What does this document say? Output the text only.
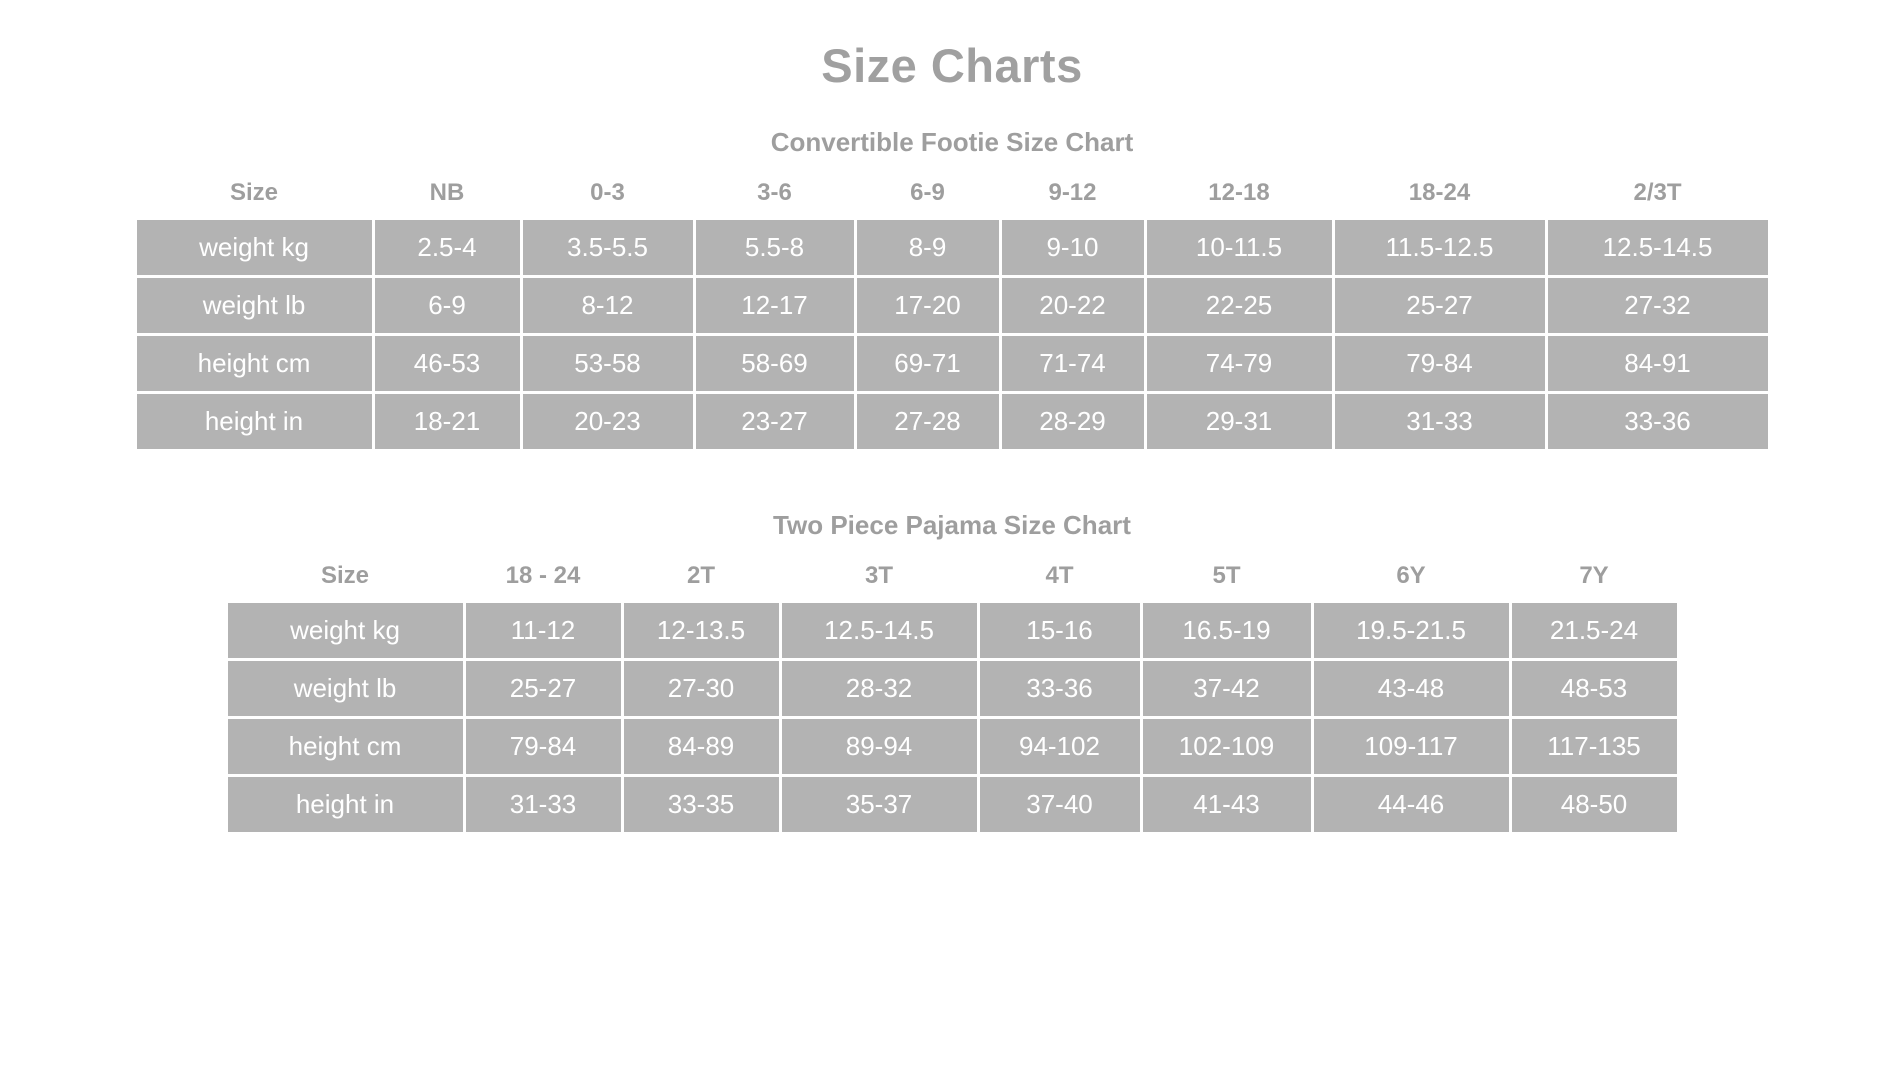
Size Charts
Convertible Footie Size Chart
Size	NB	0-3	3-6	6-9	9-12	12-18	18-24	2/3T
weight kg	2.5-4	3.5-5.5	5.5-8	8-9	9-10	10-11.5	11.5-12.5	12.5-14.5
weight lb	6-9	8-12	12-17	17-20	20-22	22-25	25-27	27-32
height cm	46-53	53-58	58-69	69-71	71-74	74-79	79-84	84-91
height in	18-21	20-23	23-27	27-28	28-29	29-31	31-33	33-36
Two Piece Pajama Size Chart
Size	18 - 24	2T	3T	4T	5T	6Y	7Y
weight kg	11-12	12-13.5	12.5-14.5	15-16	16.5-19	19.5-21.5	21.5-24
weight lb	25-27	27-30	28-32	33-36	37-42	43-48	48-53
height cm	79-84	84-89	89-94	94-102	102-109	109-117	117-135
height in	31-33	33-35	35-37	37-40	41-43	44-46	48-50
